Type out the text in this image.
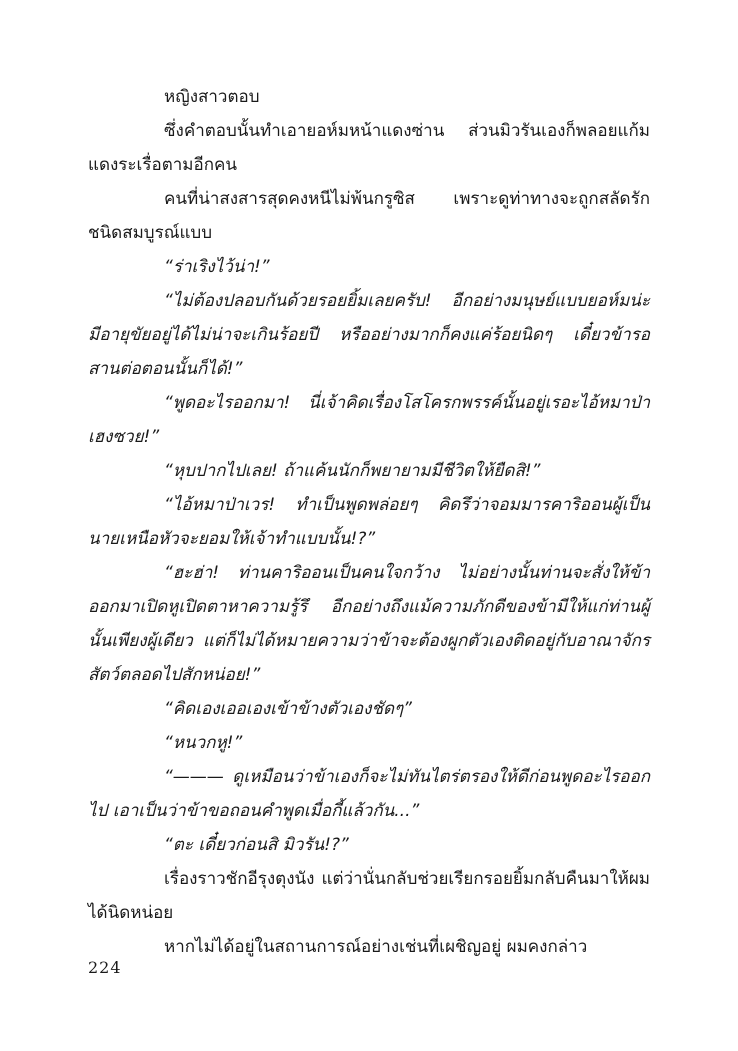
หญิงสาวตอบ

ซึ่งคำตอบนั้นทำเอายอห์มหน้าแดงซ่าน ส่วนมิวรันเองก็พลอยแก้มแดงระเรื่อตามอีกคน

คนที่น่าสงสารสุดคงหนีไม่พ้นกรูซิส เพราะดูท่าทางจะถูกสลัดรักชนิดสมบูรณ์แบบ

“ร่าเริงไว้น่า!”

“ไม่ต้องปลอบกันด้วยรอยยิ้มเลยครับ! อีกอย่างมนุษย์แบบยอห์มน่ะมีอายุขัยอยู่ได้ไม่น่าจะเกินร้อยปี หรืออย่างมากก็คงแค่ร้อยนิดๆ เดี๋ยวข้ารอสานต่อตอนนั้นก็ได้!”

“พูดอะไรออกมา! นี่เจ้าคิดเรื่องโสโครกพรรค์นั้นอยู่เรอะไอ้หมาป่าเฮงซวย!”

“หุบปากไปเลย! ถ้าแค้นนักก็พยายามมีชีวิตให้ยืดสิ!”

“ไอ้หมาป่าเวร! ทำเป็นพูดพล่อยๆ คิดรึว่าจอมมารคาริออนผู้เป็นนายเหนือหัวจะยอมให้เจ้าทำแบบนั้น!?”

“ฮะฮ่า! ท่านคาริออนเป็นคนใจกว้าง ไม่อย่างนั้นท่านจะสั่งให้ข้าออกมาเปิดหูเปิดตาหาความรู้รึ อีกอย่างถึงแม้ความภักดีของข้ามีให้แก่ท่านผู้นั้นเพียงผู้เดียว แต่ก็ไม่ได้หมายความว่าข้าจะต้องผูกตัวเองติดอยู่กับอาณาจักรสัตว์ตลอดไปสักหน่อย!”

“คิดเองเออเองเข้าข้างตัวเองชัดๆ”

“หนวกหู!”

“——— ดูเหมือนว่าข้าเองก็จะไม่ทันไตร่ตรองให้ดีก่อนพูดอะไรออกไป เอาเป็นว่าข้าขอถอนคำพูดเมื่อกี้แล้วกัน...”

“ตะ เดี๋ยวก่อนสิ มิวรัน!?”

เรื่องราวชักอีรุงตุงนัง แต่ว่านั่นกลับช่วยเรียกรอยยิ้มกลับคืนมาให้ผมได้นิดหน่อย

หากไม่ได้อยู่ในสถานการณ์อย่างเช่นที่เผชิญอยู่ ผมคงกล่าว

224
